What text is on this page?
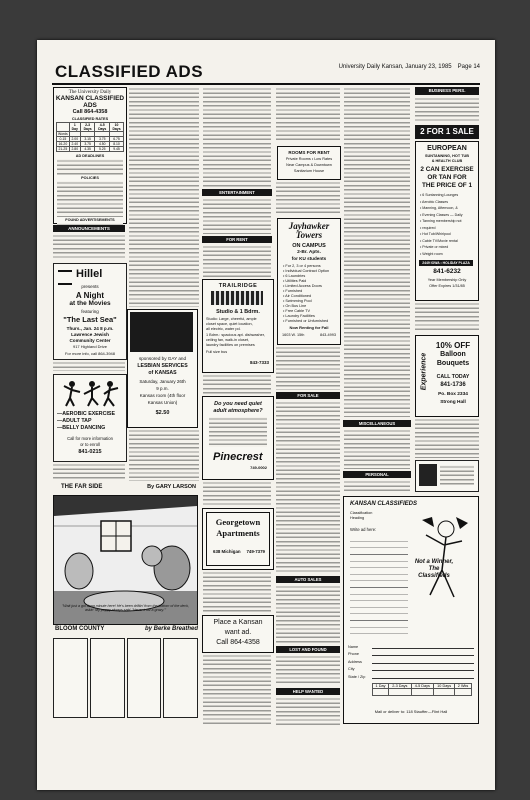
University Daily Kansan, January 23, 1985 Page 14
CLASSIFIED ADS
The University Daily
KANSAN CLASSIFIED ADS
Call 864-4358
CLASSIFIED RATES
	1 Day	2-3 Days	4-5 Days	10 Days
Words				
0-15	2.00	3.15	3.75	6.75
16-20	2.40	3.75	4.50	8.10
21-25	2.80	4.35	5.25	9.45
AD DEADLINES
POLICIES
FOUND ADVERTISEMENTS
ANNOUNCEMENTS
Hillel
presents
A Night
at the Movies
featuring
"The Last Sea"
Thurs., Jan. 24 8 p.m.
Lawrence Jewish
Community Center
917 Highland Drive
For more info, call 864-3948
—AEROBIC EXERCISE
—ADULT TAP
—BELLY DANCING
Call for more information
or to enroll
841-0215
sponsored by GAY and
LESBIAN SERVICES
of KANSAS
Saturday, January 26th
9 p.m.
Kansas room (4th floor
Kansas Union)
$2.50
ENTERTAINMENT
FOR RENT
TRAILRIDGE
Studio & 1 Bdrm.
Studio: Large, cheerful, ample
closet space, quiet location,
all electric, water pd.
1 Bdrm.: spacious apt. dishwasher,
ceiling fan, walk-in closet,
laundry facilities on premises
Full size bus
843-7333
Do you need quiet
adult atmosphere?
Pinecrest
749-0002
Georgetown
Apartments
638 Michigan 749-7379
Place a Kansan
want ad.
Call 864-4358
ROOMS FOR RENT
Private Rooms • Low Rates
Near Campus & Downtown
Sanitarium House
Jayhawker Towers
ON CAMPUS
2-Br. Apts.
for KU students
• For 2, 3 or 4 persons
• Individual Contract Option
• 6 Laundries
• Utilities Paid
• Limited Access Doors
• Furnished
• Air Conditioned
• Swimming Pool
• On Bus Line
• Free Cable TV
• Laundry Facilities
• Furnished or Unfurnished
Now Renting for Fall
1603 W. 15th	843-4993
FOR SALE
AUTO SALES
LOST AND FOUND
HELP WANTED
MISCELLANEOUS
PERSONAL
BUSINESS PERS.
2 FOR 1 SALE
EUROPEAN
SUNTANNING, HOT TUB
& HEALTH CLUB
2 CAN EXERCISE
OR TAN FOR
THE PRICE OF 1
• 6 Suntanning Lounges
• Aerobic Classes
• Manning, Afternoon, &
• Evening Classes — Daily
• Tanning membership not
• required
• Hot Tub/Whirlpool
• Cable TV/Movie rental
• Private or mixed
• Weight room
2449 IOWA • HOLIDAY PLAZA
841-6232
Year Membership Only
Offer Expires 1/31/85
Experience
10% OFF
Balloon
Bouquets
CALL TODAY
841-1736
Po. Box 2334
Strong Hall
THE FAR SIDE	By GARY LARSON
"Wait just a gol dang minute here! He's been driftin' from the bottom of the deck, askin' My poppy always said, 'Never trust a grazy.'"
BLOOM COUNTY	by Berke Breathed
KANSAN CLASSIFIEDS
Classification
Heading
Write ad here:
Not a Winner, The Classifieds
Name
Phone
Address
City
State / Zip
1 Day	2-3 Days	4-5 Days	10 Days	2 Wks

Mail or deliver to: 118 Stauffer—Flint Hall
